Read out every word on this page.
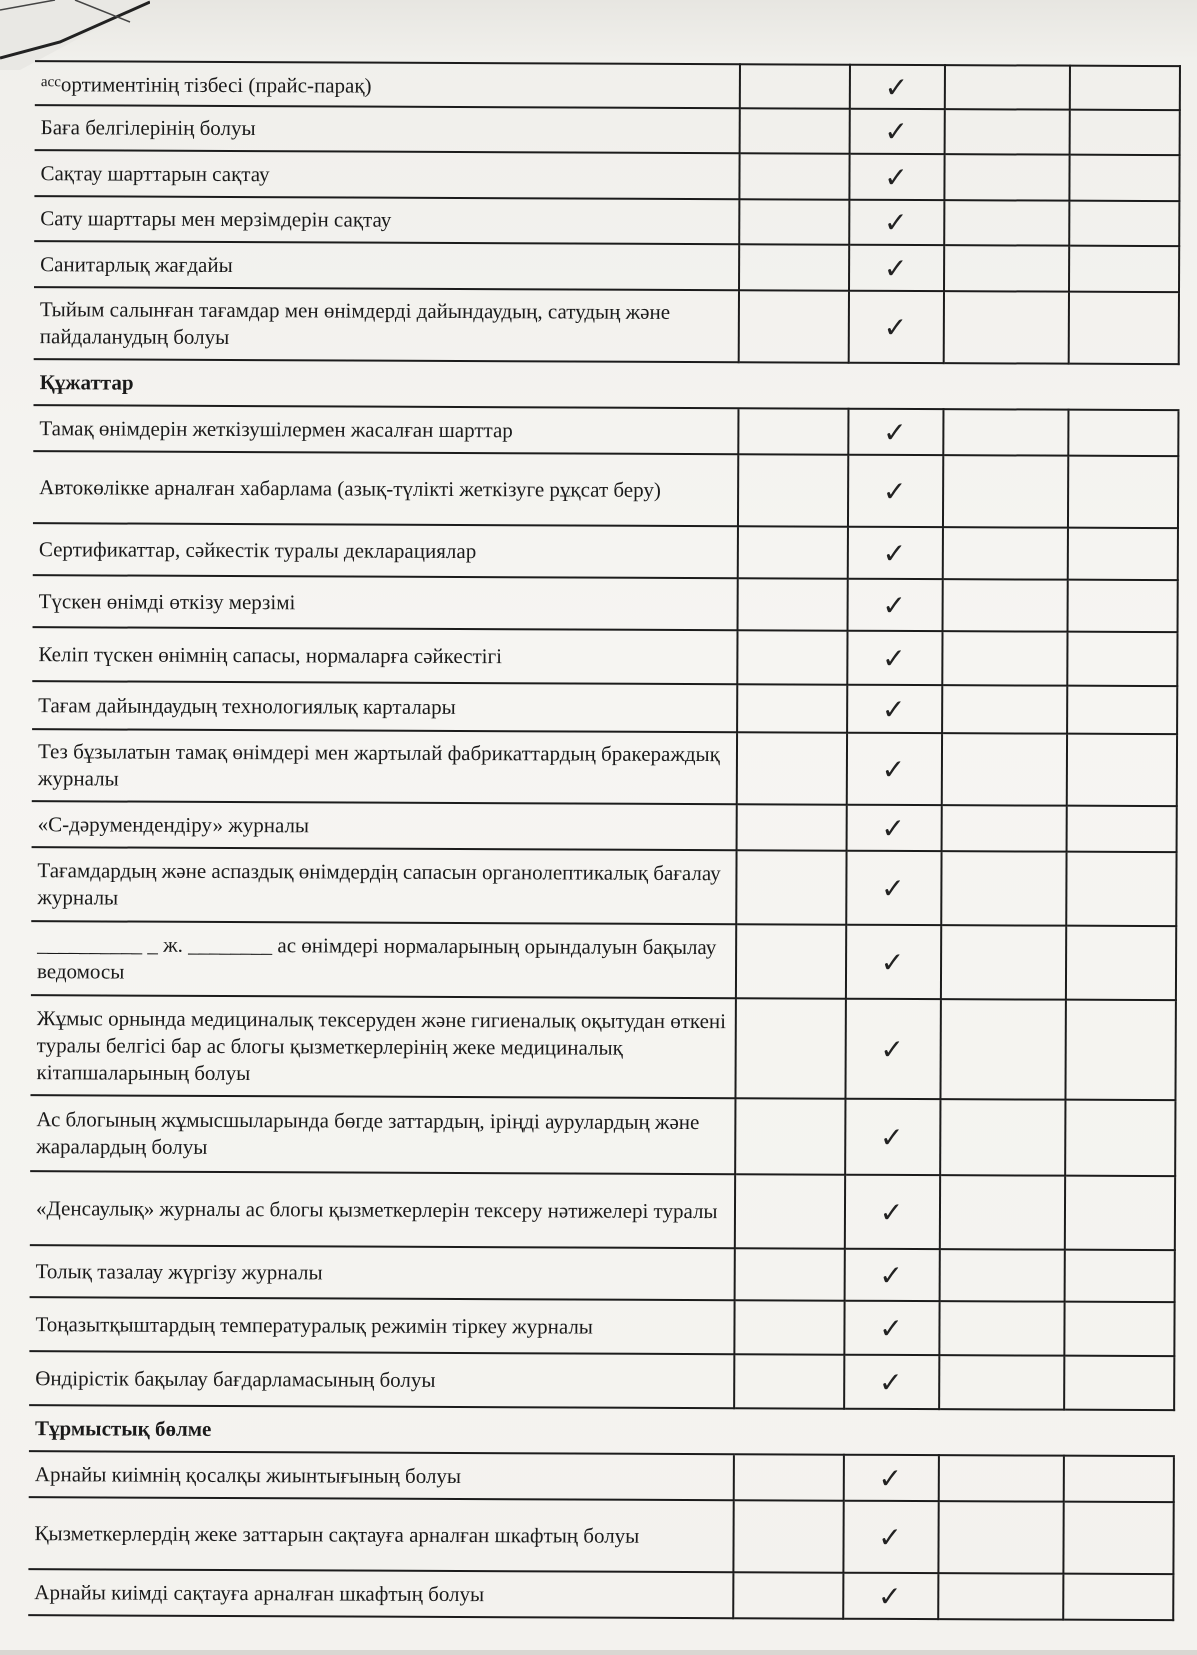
$^{асс}$ортиментінің тізбесі (прайс-парақ)		✓		
Баға белгілерінің болуы		✓		
Сақтау шарттарын сақтау		✓		
Сату шарттары мен мерзімдерін сақтау		✓		
Санитарлық жағдайы		✓		
Тыйым салынған тағамдар мен өнімдерді дайындаудың, сатудың және пайдаланудың болуы		✓		
Құжаттар				
Тамақ өнімдерін жеткізушілермен жасалған шарттар		✓		
Автокөлікке арналған хабарлама (азық-түлікті жеткізуге рұқсат беру)		✓		
Сертификаттар, сәйкестік туралы декларациялар		✓		
Түскен өнімді өткізу мерзімі		✓		
Келіп түскен өнімнің сапасы, нормаларға сәйкестігі		✓		
Тағам дайындаудың технологиялық карталары		✓		
Тез бұзылатын тамақ өнімдері мен жартылай фабрикаттардың бракераждық журналы		✓		
«С-дәрумендендіру» журналы		✓		
Тағамдардың және аспаздық өнімдердің сапасын органолептикалық бағалау журналы		✓		
__________ _ ж. ________ ас өнімдері нормаларының орындалуын бақылау ведомосы		✓		
Жұмыс орнында медициналық тексеруден және гигиеналық оқытудан өткені туралы белгісі бар ас блогы қызметкерлерінің жеке медициналық кітапшаларының болуы		✓		
Ас блогының жұмысшыларында бөгде заттардың, іріңді аурулардың және жаралардың болуы		✓		
«Денсаулық» журналы ас блогы қызметкерлерін тексеру нәтижелері туралы		✓		
Толық тазалау жүргізу журналы		✓		
Тоңазытқыштардың температуралық режимін тіркеу журналы		✓		
Өндірістік бақылау бағдарламасының болуы		✓		
Тұрмыстық бөлме				
Арнайы киімнің қосалқы жиынтығының болуы		✓		
Қызметкерлердің жеке заттарын сақтауға арналған шкафтың болуы		✓		
Арнайы киімді сақтауға арналған шкафтың болуы		✓		
